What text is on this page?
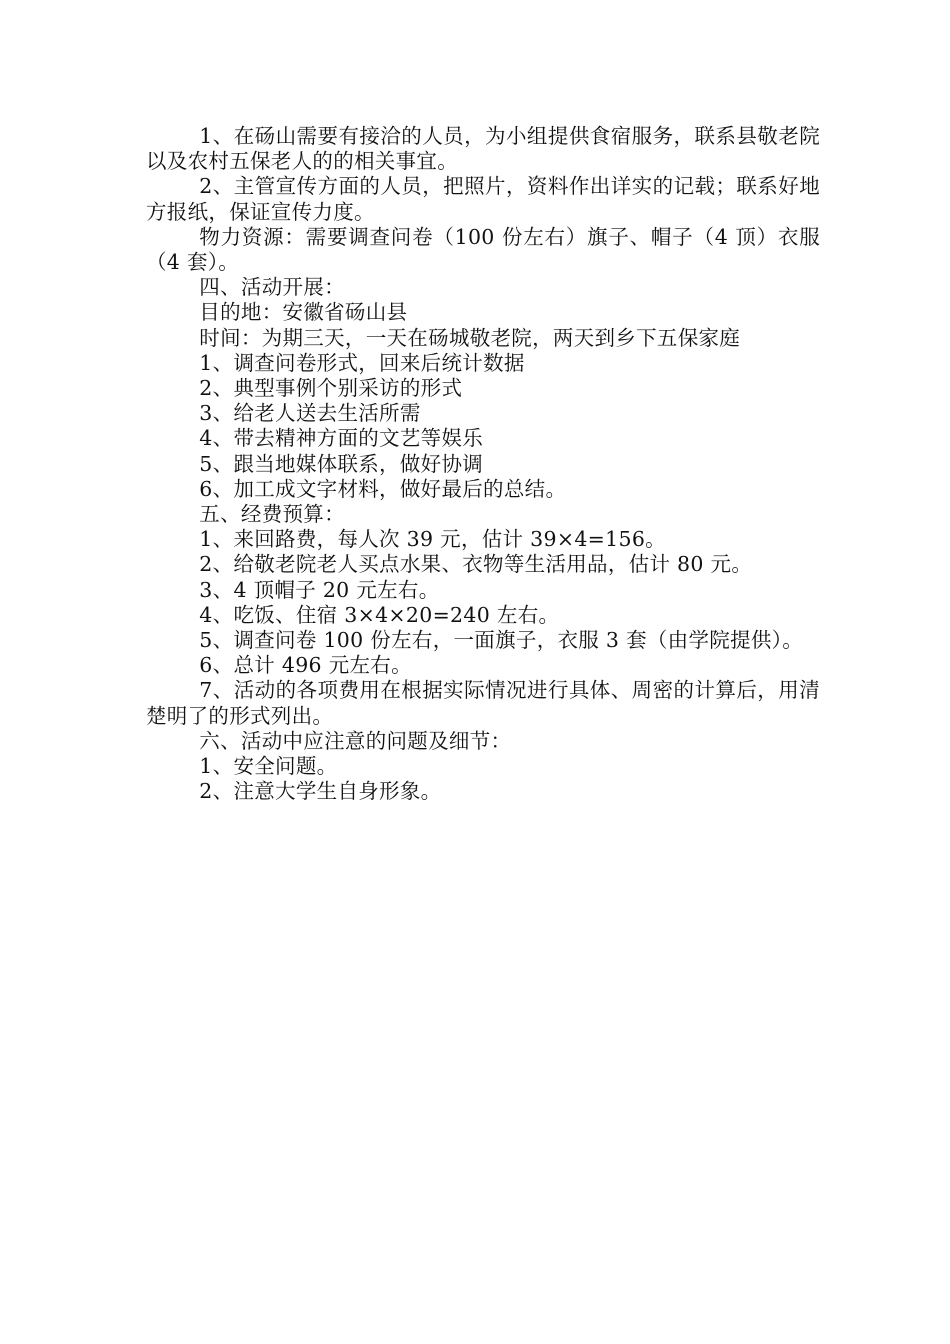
1、在砀山需要有接洽的人员，为小组提供食宿服务，联系县敬老院以及农村五保老人的的相关事宜。

2、主管宣传方面的人员，把照片，资料作出详实的记载；联系好地方报纸，保证宣传力度。

物力资源：需要调查问卷（100 份左右）旗子、帽子（4 顶）衣服（4 套）。

四、活动开展：

目的地：安徽省砀山县

时间：为期三天，一天在砀城敬老院，两天到乡下五保家庭

1、调查问卷形式，回来后统计数据

2、典型事例个别采访的形式

3、给老人送去生活所需

4、带去精神方面的文艺等娱乐

5、跟当地媒体联系，做好协调

6、加工成文字材料，做好最后的总结。

五、经费预算：

1、来回路费，每人次 39 元，估计 39×4=156。

2、给敬老院老人买点水果、衣物等生活用品，估计 80 元。

3、4 顶帽子 20 元左右。

4、吃饭、住宿 3×4×20=240 左右。

5、调查问卷 100 份左右，一面旗子，衣服 3 套（由学院提供）。

6、总计 496 元左右。

7、活动的各项费用在根据实际情况进行具体、周密的计算后，用清楚明了的形式列出。

六、活动中应注意的问题及细节：

1、安全问题。

2、注意大学生自身形象。
